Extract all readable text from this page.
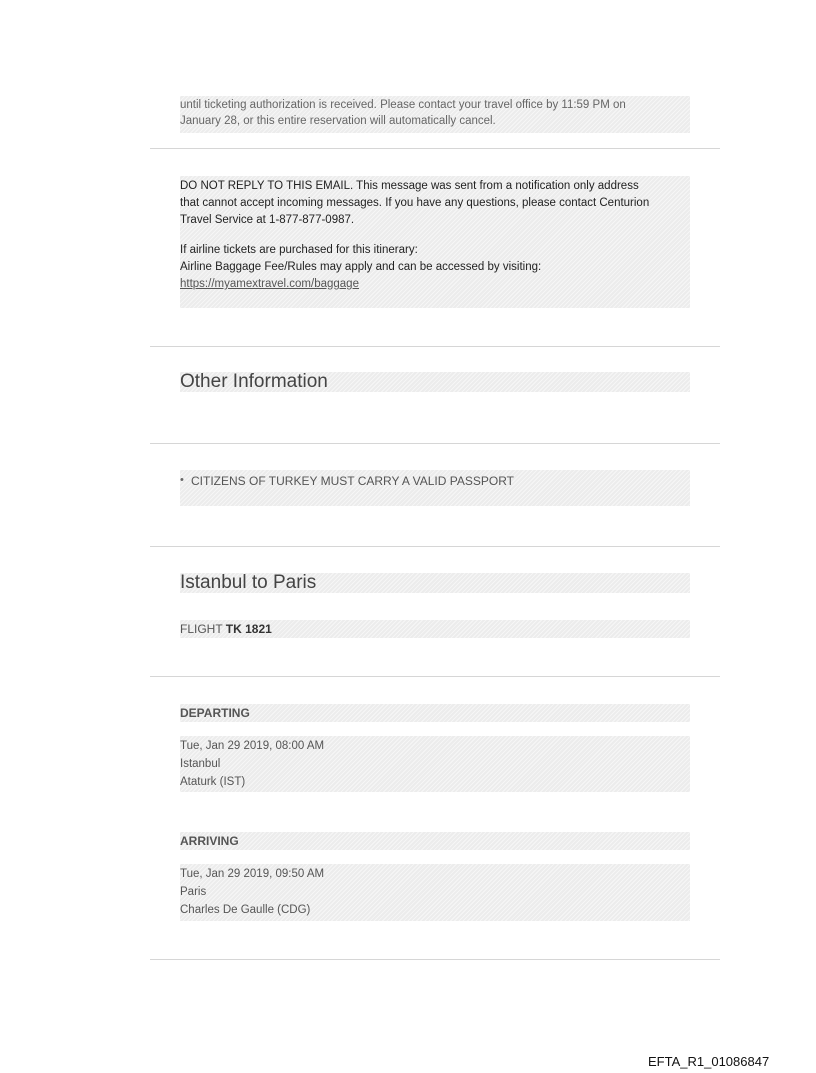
until ticketing authorization is received. Please contact your travel office by 11:59 PM on
January 28, or this entire reservation will automatically cancel.
DO NOT REPLY TO THIS EMAIL. This message was sent from a notification only address
that cannot accept incoming messages. If you have any questions, please contact Centurion
Travel Service at 1-877-877-0987.
If airline tickets are purchased for this itinerary:
Airline Baggage Fee/Rules may apply and can be accessed by visiting:
https://myamextravel.com/baggage
Other Information
• CITIZENS OF TURKEY MUST CARRY A VALID PASSPORT
Istanbul to Paris
FLIGHT TK 1821
DEPARTING
Tue, Jan 29 2019, 08:00 AM
Istanbul
Ataturk (IST)
ARRIVING
Tue, Jan 29 2019, 09:50 AM
Paris
Charles De Gaulle (CDG)
EFTA_R1_01086847
